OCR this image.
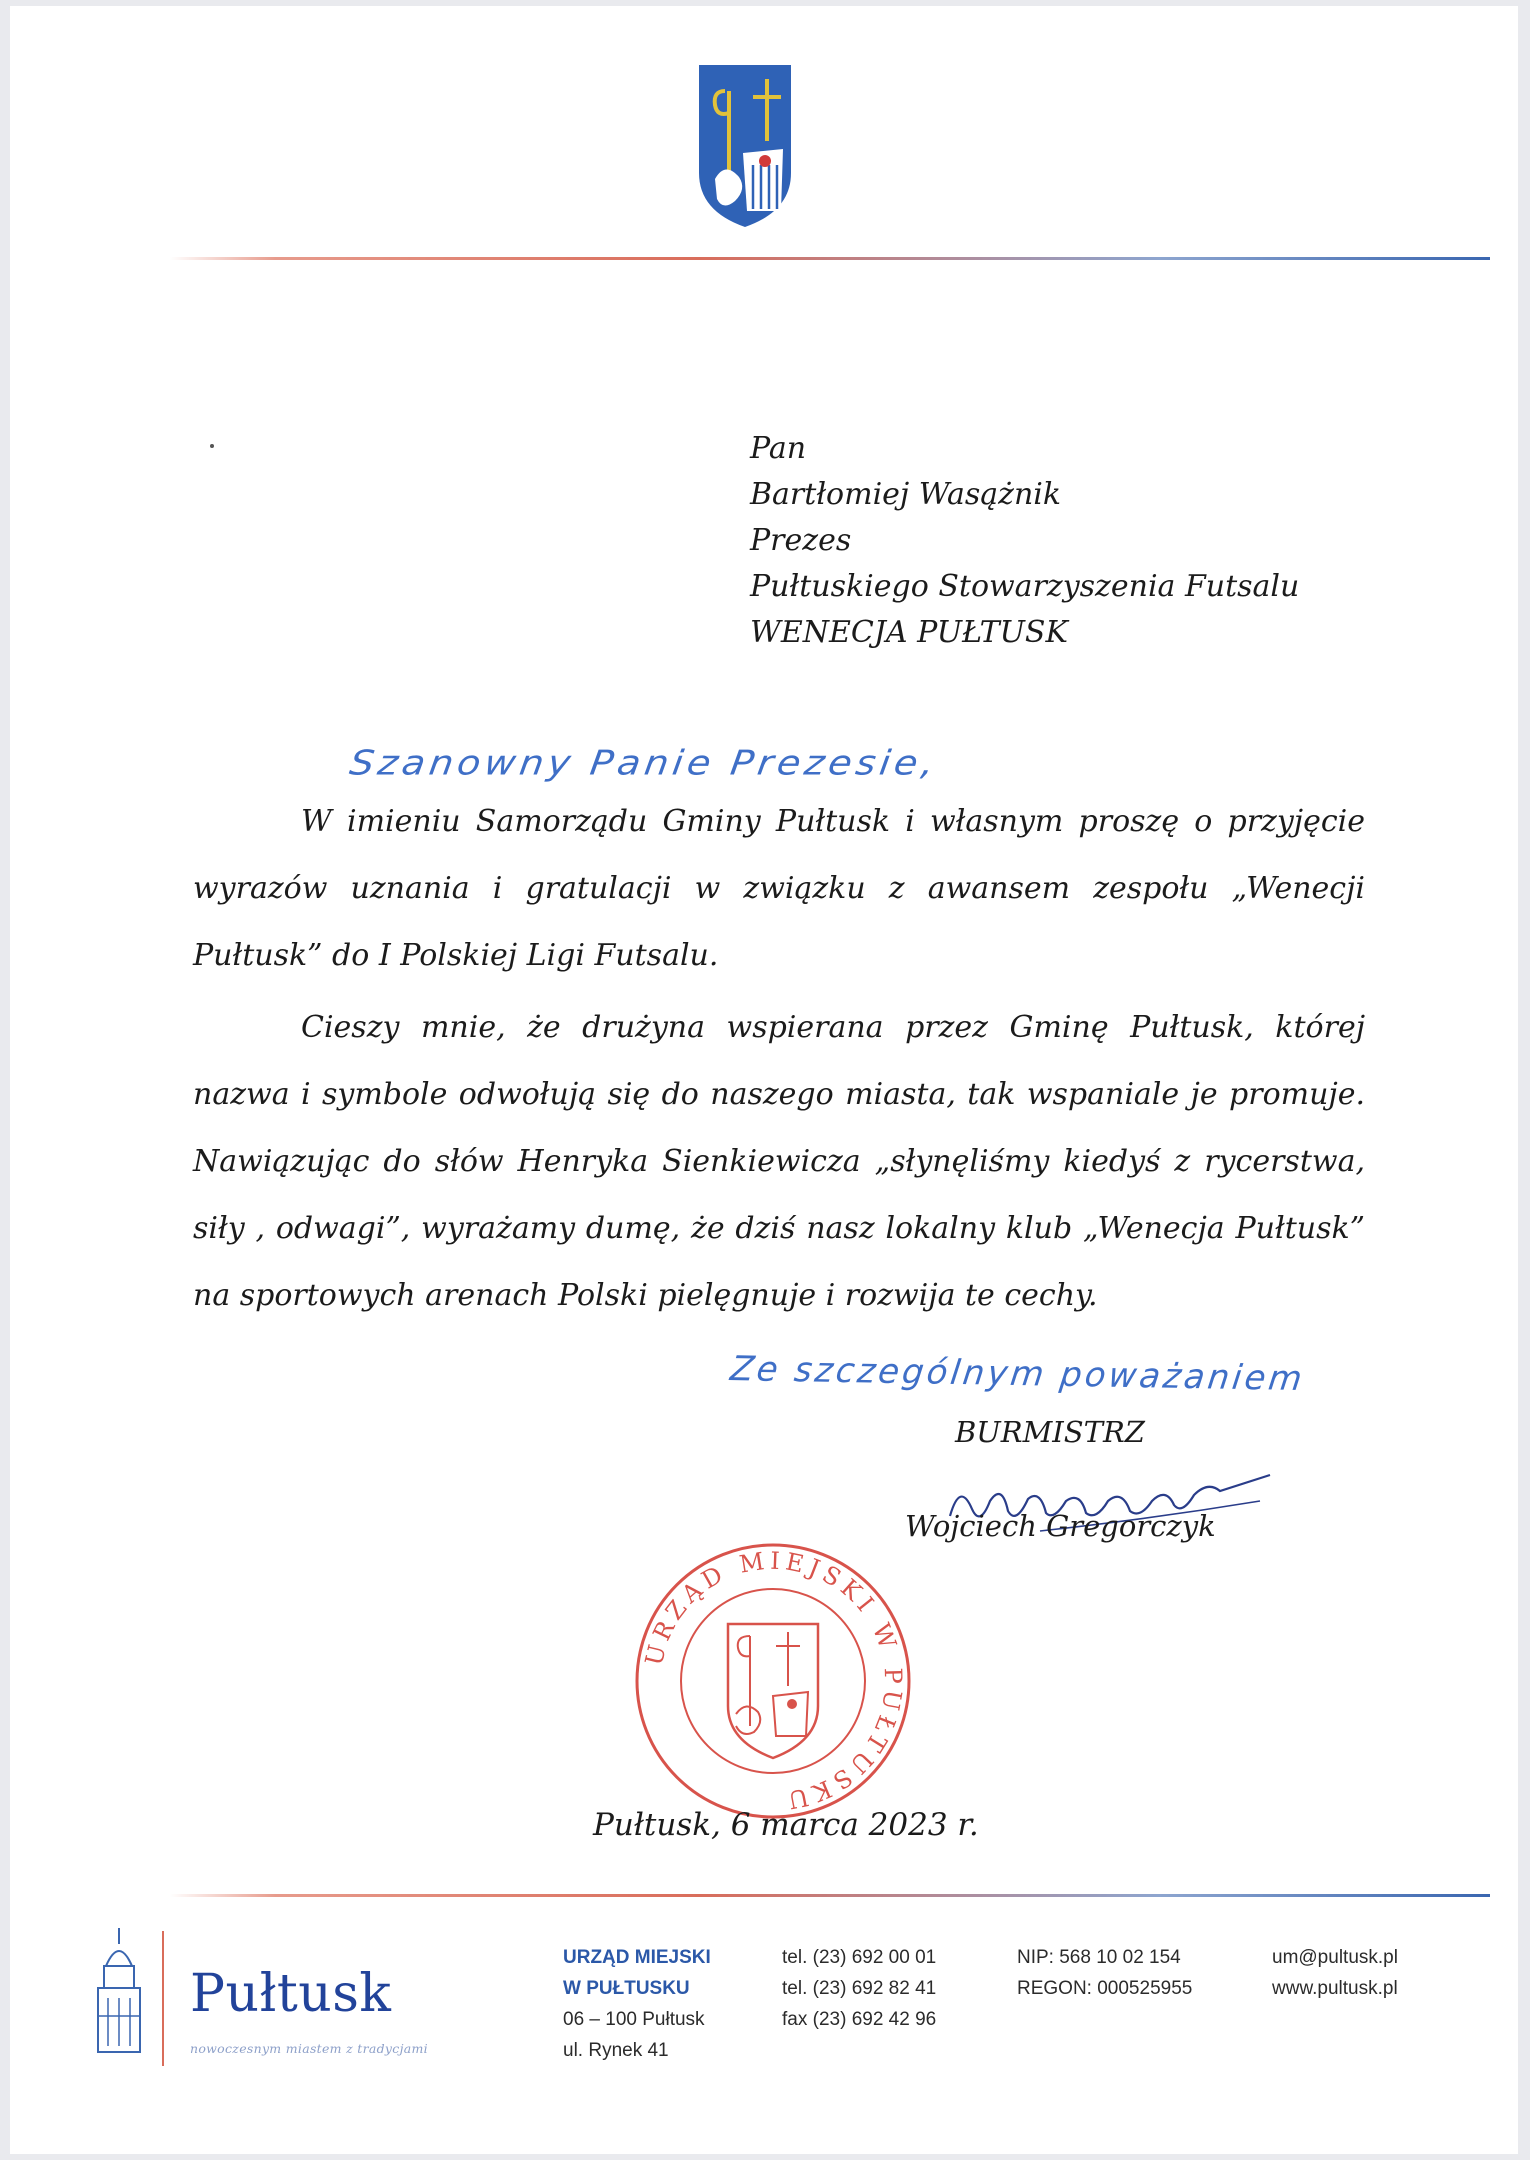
Pan
Bartłomiej Wasążnik
Prezes
Pułtuskiego Stowarzyszenia Futsalu
WENECJA PUŁTUSK
Szanowny Panie Prezesie,

W imieniu Samorządu Gminy Pułtusk i własnym proszę o przyjęcie wyrazów uznania i gratulacji w związku z awansem zespołu „Wenecji Pułtusk” do I Polskiej Ligi Futsalu.

Cieszy mnie, że drużyna wspierana przez Gminę Pułtusk, której nazwa i symbole odwołują się do naszego miasta, tak wspaniale je promuje. Nawiązując do słów Henryka Sienkiewicza „słynęliśmy kiedyś z rycerstwa, siły , odwagi”, wyrażamy dumę, że dziś nasz lokalny klub „Wenecja Pułtusk” na sportowych arenach Polski pielęgnuje i rozwija te cechy.

Ze szczególnym poważaniem
BURMISTRZ
Wojciech Gregorczyk
URZĄD MIEJSKI W PUŁTUSKU
Pułtusk, 6 marca 2023 r.
Pułtusk
nowoczesnym miastem z tradycjami
URZĄD MIEJSKI
W PUŁTUSKU
06 – 100 Pułtusk
ul. Rynek 41
tel. (23) 692 00 01
tel. (23) 692 82 41
fax (23) 692 42 96
NIP: 568 10 02 154
REGON: 000525955
um@pultusk.pl
www.pultusk.pl
